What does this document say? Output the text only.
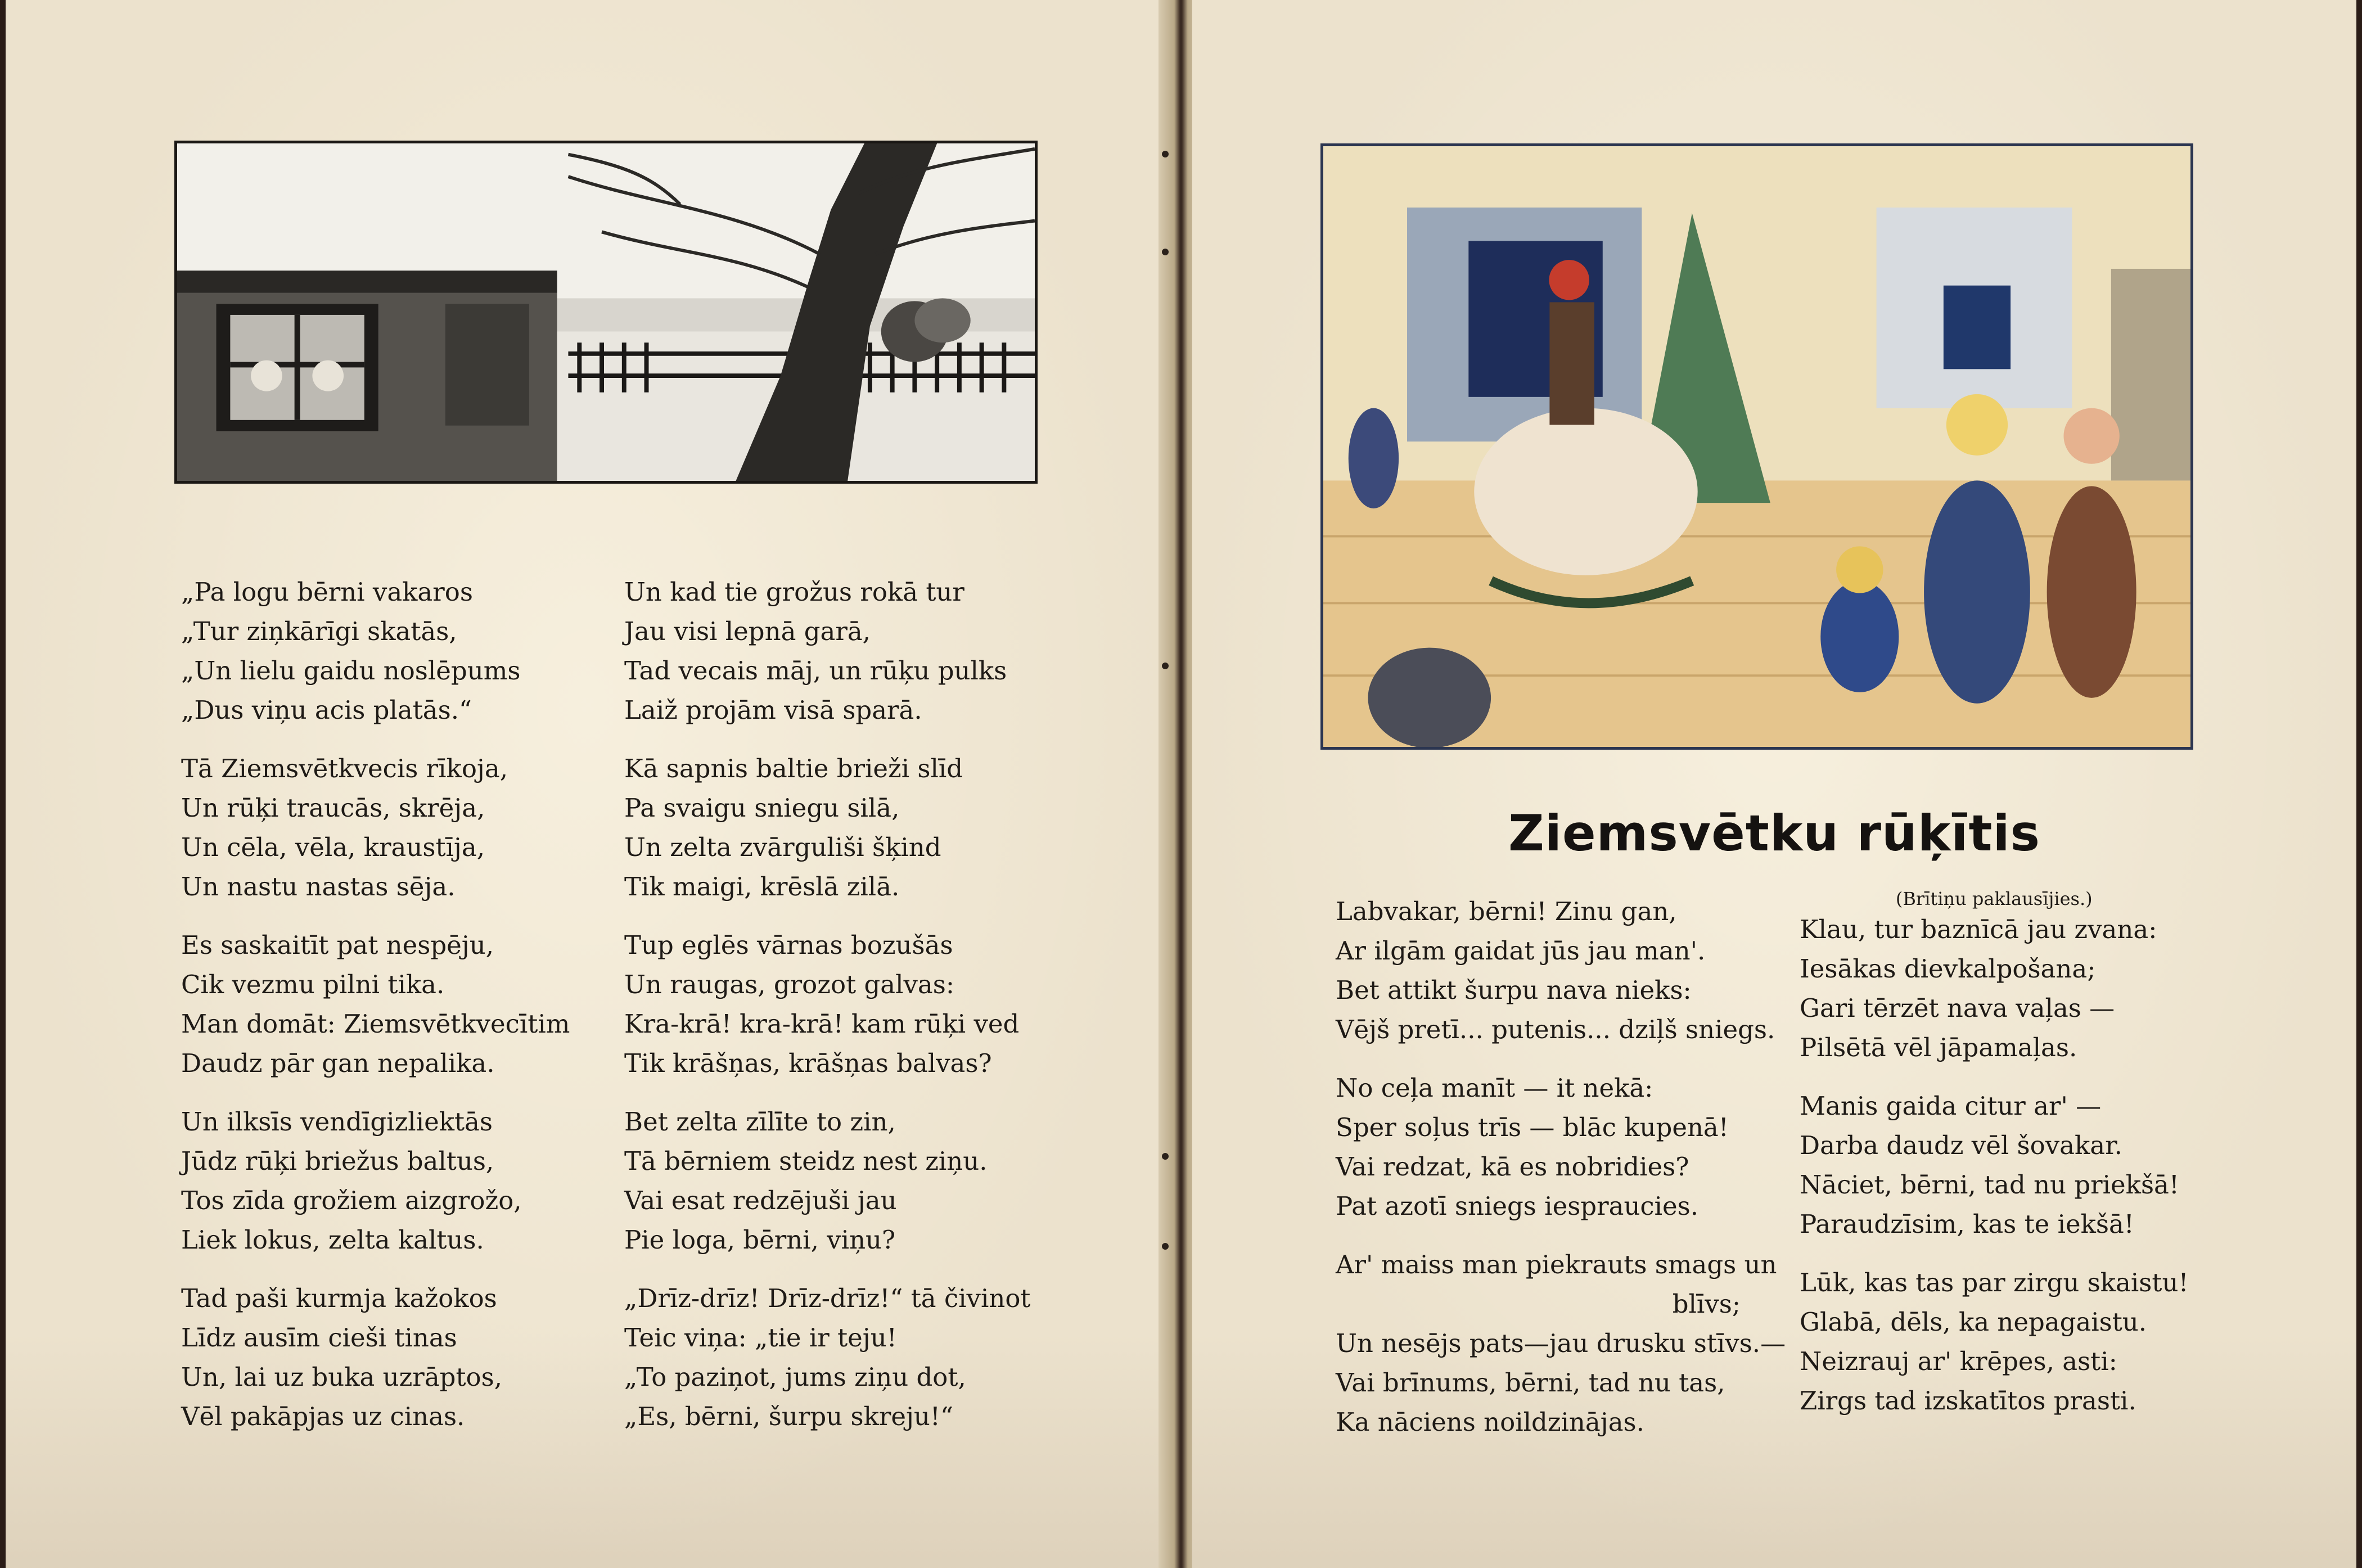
„Pa logu bērni vakaros
„Tur ziņkārīgi skatās,
„Un lielu gaidu noslēpums
„Dus viņu acis platās.“
Tā Ziemsvētkvecis rīkoja,
Un rūķi traucās, skrēja,
Un cēla, vēla, kraustīja,
Un nastu nastas sēja.
Es saskaitīt pat nespēju,
Cik vezmu pilni tika.
Man domāt: Ziemsvētkvecītim
Daudz pār gan nepalika.
Un ilksīs vendīgizliektās
Jūdz rūķi briežus baltus,
Tos zīda grožiem aizgrožo,
Liek lokus, zelta kaltus.
Tad paši kurmja kažokos
Līdz ausīm cieši tinas
Un, lai uz buka uzrāptos,
Vēl pakāpjas uz cinas.
Un kad tie grožus rokā tur
Jau visi lepnā garā,
Tad vecais māj, un rūķu pulks
Laiž projām visā sparā.
Kā sapnis baltie brieži slīd
Pa svaigu sniegu silā,
Un zelta zvārguliši šķind
Tik maigi, krēslā zilā.
Tup eglēs vārnas bozušās
Un raugas, grozot galvas:
Kra-krā! kra-krā! kam rūķi ved
Tik krāšņas, krāšņas balvas?
Bet zelta zīlīte to zin,
Tā bērniem steidz nest ziņu.
Vai esat redzējuši jau
Pie loga, bērni, viņu?
„Drīz-drīz! Drīz-drīz!“ tā čivinot
Teic viņa: „tie ir teju!
„To paziņot, jums ziņu dot,
„Es, bērni, šurpu skreju!“
Ziemsvētku rūķītis
Labvakar, bērni! Zinu gan,
Ar ilgām gaidat jūs jau man'.
Bet attikt šurpu nava nieks:
Vējš pretī... putenis... dziļš sniegs.
No ceļa manīt — it nekā:
Sper soļus trīs — blāc kupenā!
Vai redzat, kā es nobridies?
Pat azotī sniegs iespraucies.
Ar' maiss man piekrauts smags un
blīvs;
Un nesējs pats—jau drusku stīvs.—
Vai brīnums, bērni, tad nu tas,
Ka nāciens noildzinājas.
(Brītiņu paklausījies.)
Klau, tur baznīcā jau zvana:
Iesākas dievkalpošana;
Gari tērzēt nava vaļas —
Pilsētā vēl jāpamaļas.
Manis gaida citur ar' —
Darba daudz vēl šovakar.
Nāciet, bērni, tad nu priekšā!
Paraudzīsim, kas te iekšā!
Lūk, kas tas par zirgu skaistu!
Glabā, dēls, ka nepagaistu.
Neizrauj ar' krēpes, asti:
Zirgs tad izskatītos prasti.
